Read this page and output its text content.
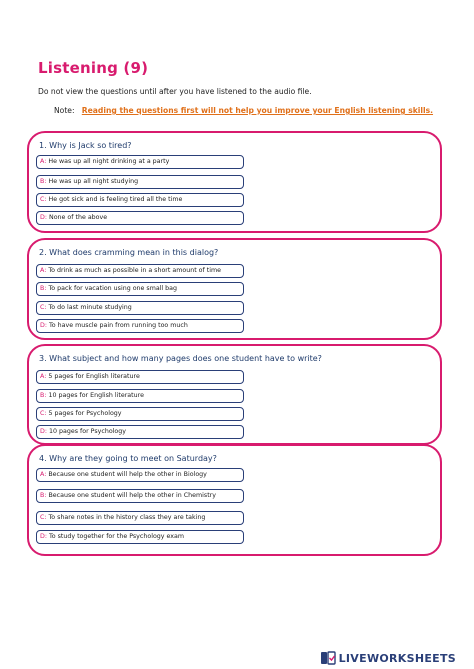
Listening (9)
Do not view the questions until after you have listened to the audio file.
Note: Reading the questions first will not help you improve your English listening skills.
1. Why is Jack so tired?
A: He was up all night drinking at a party
B: He was up all night studying
C: He got sick and is feeling tired all the time
D: None of the above
2. What does cramming mean in this dialog?
A: To drink as much as possible in a short amount of time
B: To pack for vacation using one small bag
C: To do last minute studying
D: To have muscle pain from running too much
3. What subject and how many pages does one student have to write?
A: 5 pages for English literature
B: 10 pages for English literature
C: 5 pages for Psychology
D: 10 pages for Psychology
4. Why are they going to meet on Saturday?
A: Because one student will help the other in Biology
B: Because one student will help the other in Chemistry
C: To share notes in the history class they are taking
D: To study together for the Psychology exam
LIVEWORKSHEETS
